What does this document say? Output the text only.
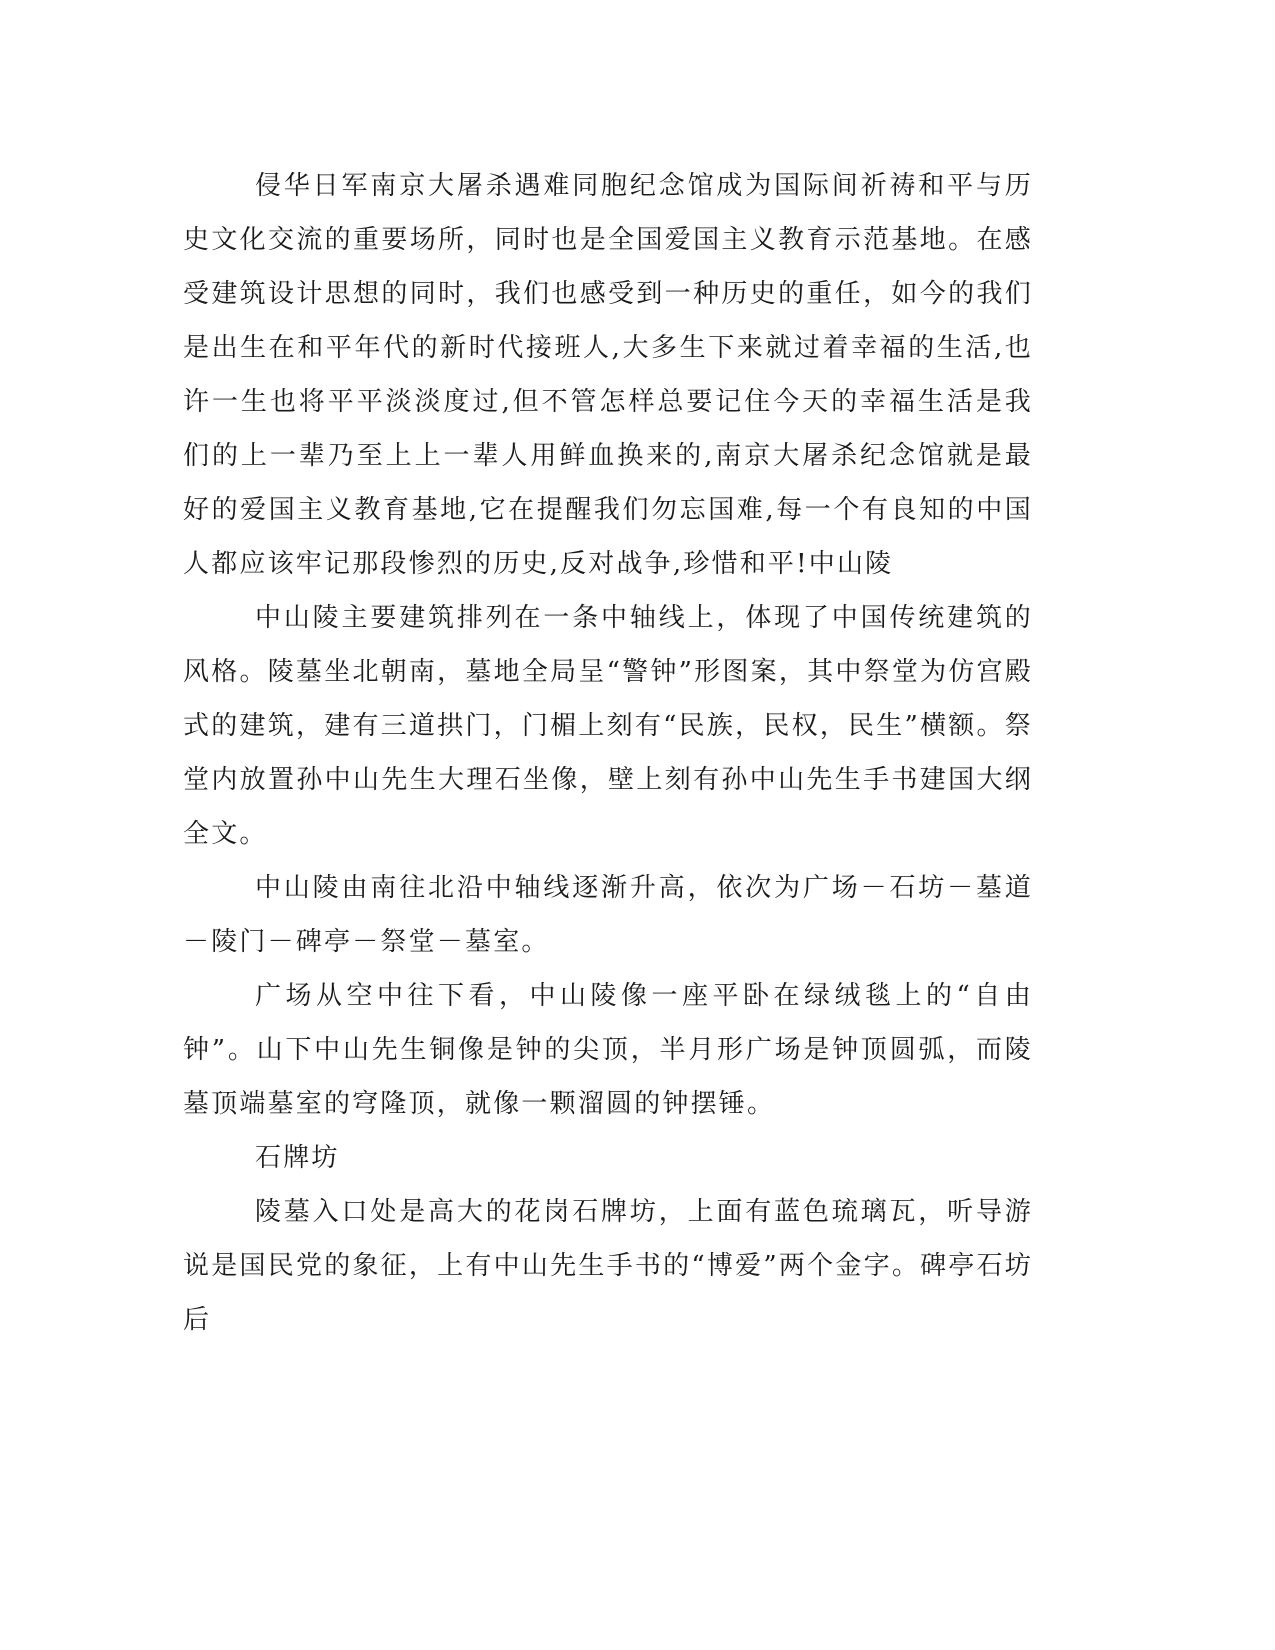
侵华日军南京大屠杀遇难同胞纪念馆成为国际间祈祷和平与历史文化交流的重要场所，同时也是全国爱国主义教育示范基地。在感受建筑设计思想的同时，我们也感受到一种历史的重任，如今的我们是出生在和平年代的新时代接班人,大多生下来就过着幸福的生活,也许一生也将平平淡淡度过,但不管怎样总要记住今天的幸福生活是我们的上一辈乃至上上一辈人用鲜血换来的,南京大屠杀纪念馆就是最好的爱国主义教育基地,它在提醒我们勿忘国难,每一个有良知的中国人都应该牢记那段惨烈的历史,反对战争,珍惜和平!中山陵

中山陵主要建筑排列在一条中轴线上，体现了中国传统建筑的风格。陵墓坐北朝南，墓地全局呈“警钟”形图案，其中祭堂为仿宫殿式的建筑，建有三道拱门，门楣上刻有“民族，民权，民生”横额。祭堂内放置孙中山先生大理石坐像，壁上刻有孙中山先生手书建国大纲全文。

中山陵由南往北沿中轴线逐渐升高，依次为广场－石坊－墓道－陵门－碑亭－祭堂－墓室。

广场从空中往下看，中山陵像一座平卧在绿绒毯上的“自由钟”。山下中山先生铜像是钟的尖顶，半月形广场是钟顶圆弧，而陵墓顶端墓室的穹隆顶，就像一颗溜圆的钟摆锤。

石牌坊

陵墓入口处是高大的花岗石牌坊，上面有蓝色琉璃瓦，听导游说是国民党的象征，上有中山先生手书的“博爱”两个金字。碑亭石坊后
